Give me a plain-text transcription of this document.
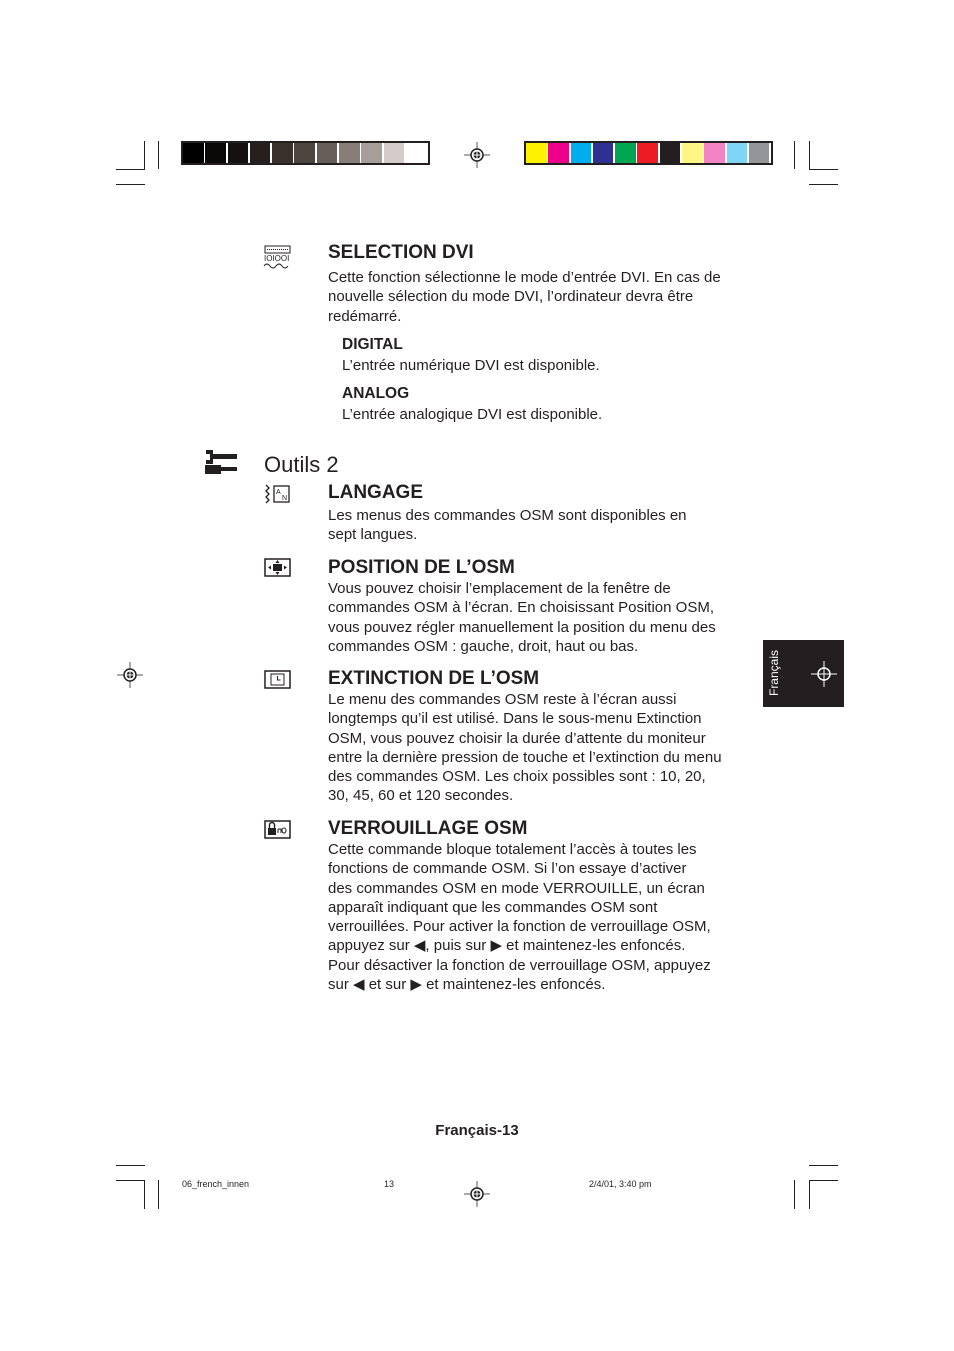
Français
IOIOOI SELECTION DVI
Cette fonction sélectionne le mode d’entrée DVI. En cas de
nouvelle sélection du mode DVI, l’ordinateur devra être
redémarré.
DIGITAL
L’entrée numérique DVI est disponible.
ANALOG
L’entrée analogique DVI est disponible.
Outils 2
A
N LANGAGE
Les menus des commandes OSM sont disponibles en
sept langues.
POSITION DE L’OSM
Vous pouvez choisir l’emplacement de la fenêtre de
commandes OSM à l’écran. En choisissant Position OSM,
vous pouvez régler manuellement la position du menu des
commandes OSM : gauche, droit, haut ou bas.
EXTINCTION DE L’OSM
Le menu des commandes OSM reste à l’écran aussi
longtemps qu’il est utilisé. Dans le sous-menu Extinction
OSM, vous pouvez choisir la durée d’attente du moniteur
entre la dernière pression de touche et l’extinction du menu
des commandes OSM. Les choix possibles sont : 10, 20,
30, 45, 60 et 120 secondes.
VERROUILLAGE OSM
Cette commande bloque totalement l’accès à toutes les
fonctions de commande OSM. Si l’on essaye d’activer
des commandes OSM en mode VERROUILLE, un écran
apparaît indiquant que les commandes OSM sont
verrouillées. Pour activer la fonction de verrouillage OSM,
appuyez sur ◀, puis sur ▶ et maintenez-les enfoncés.
Pour désactiver la fonction de verrouillage OSM, appuyez
sur ◀ et sur ▶ et maintenez-les enfoncés.
Français-13
06_french_innen	13	2/4/01, 3:40 pm
